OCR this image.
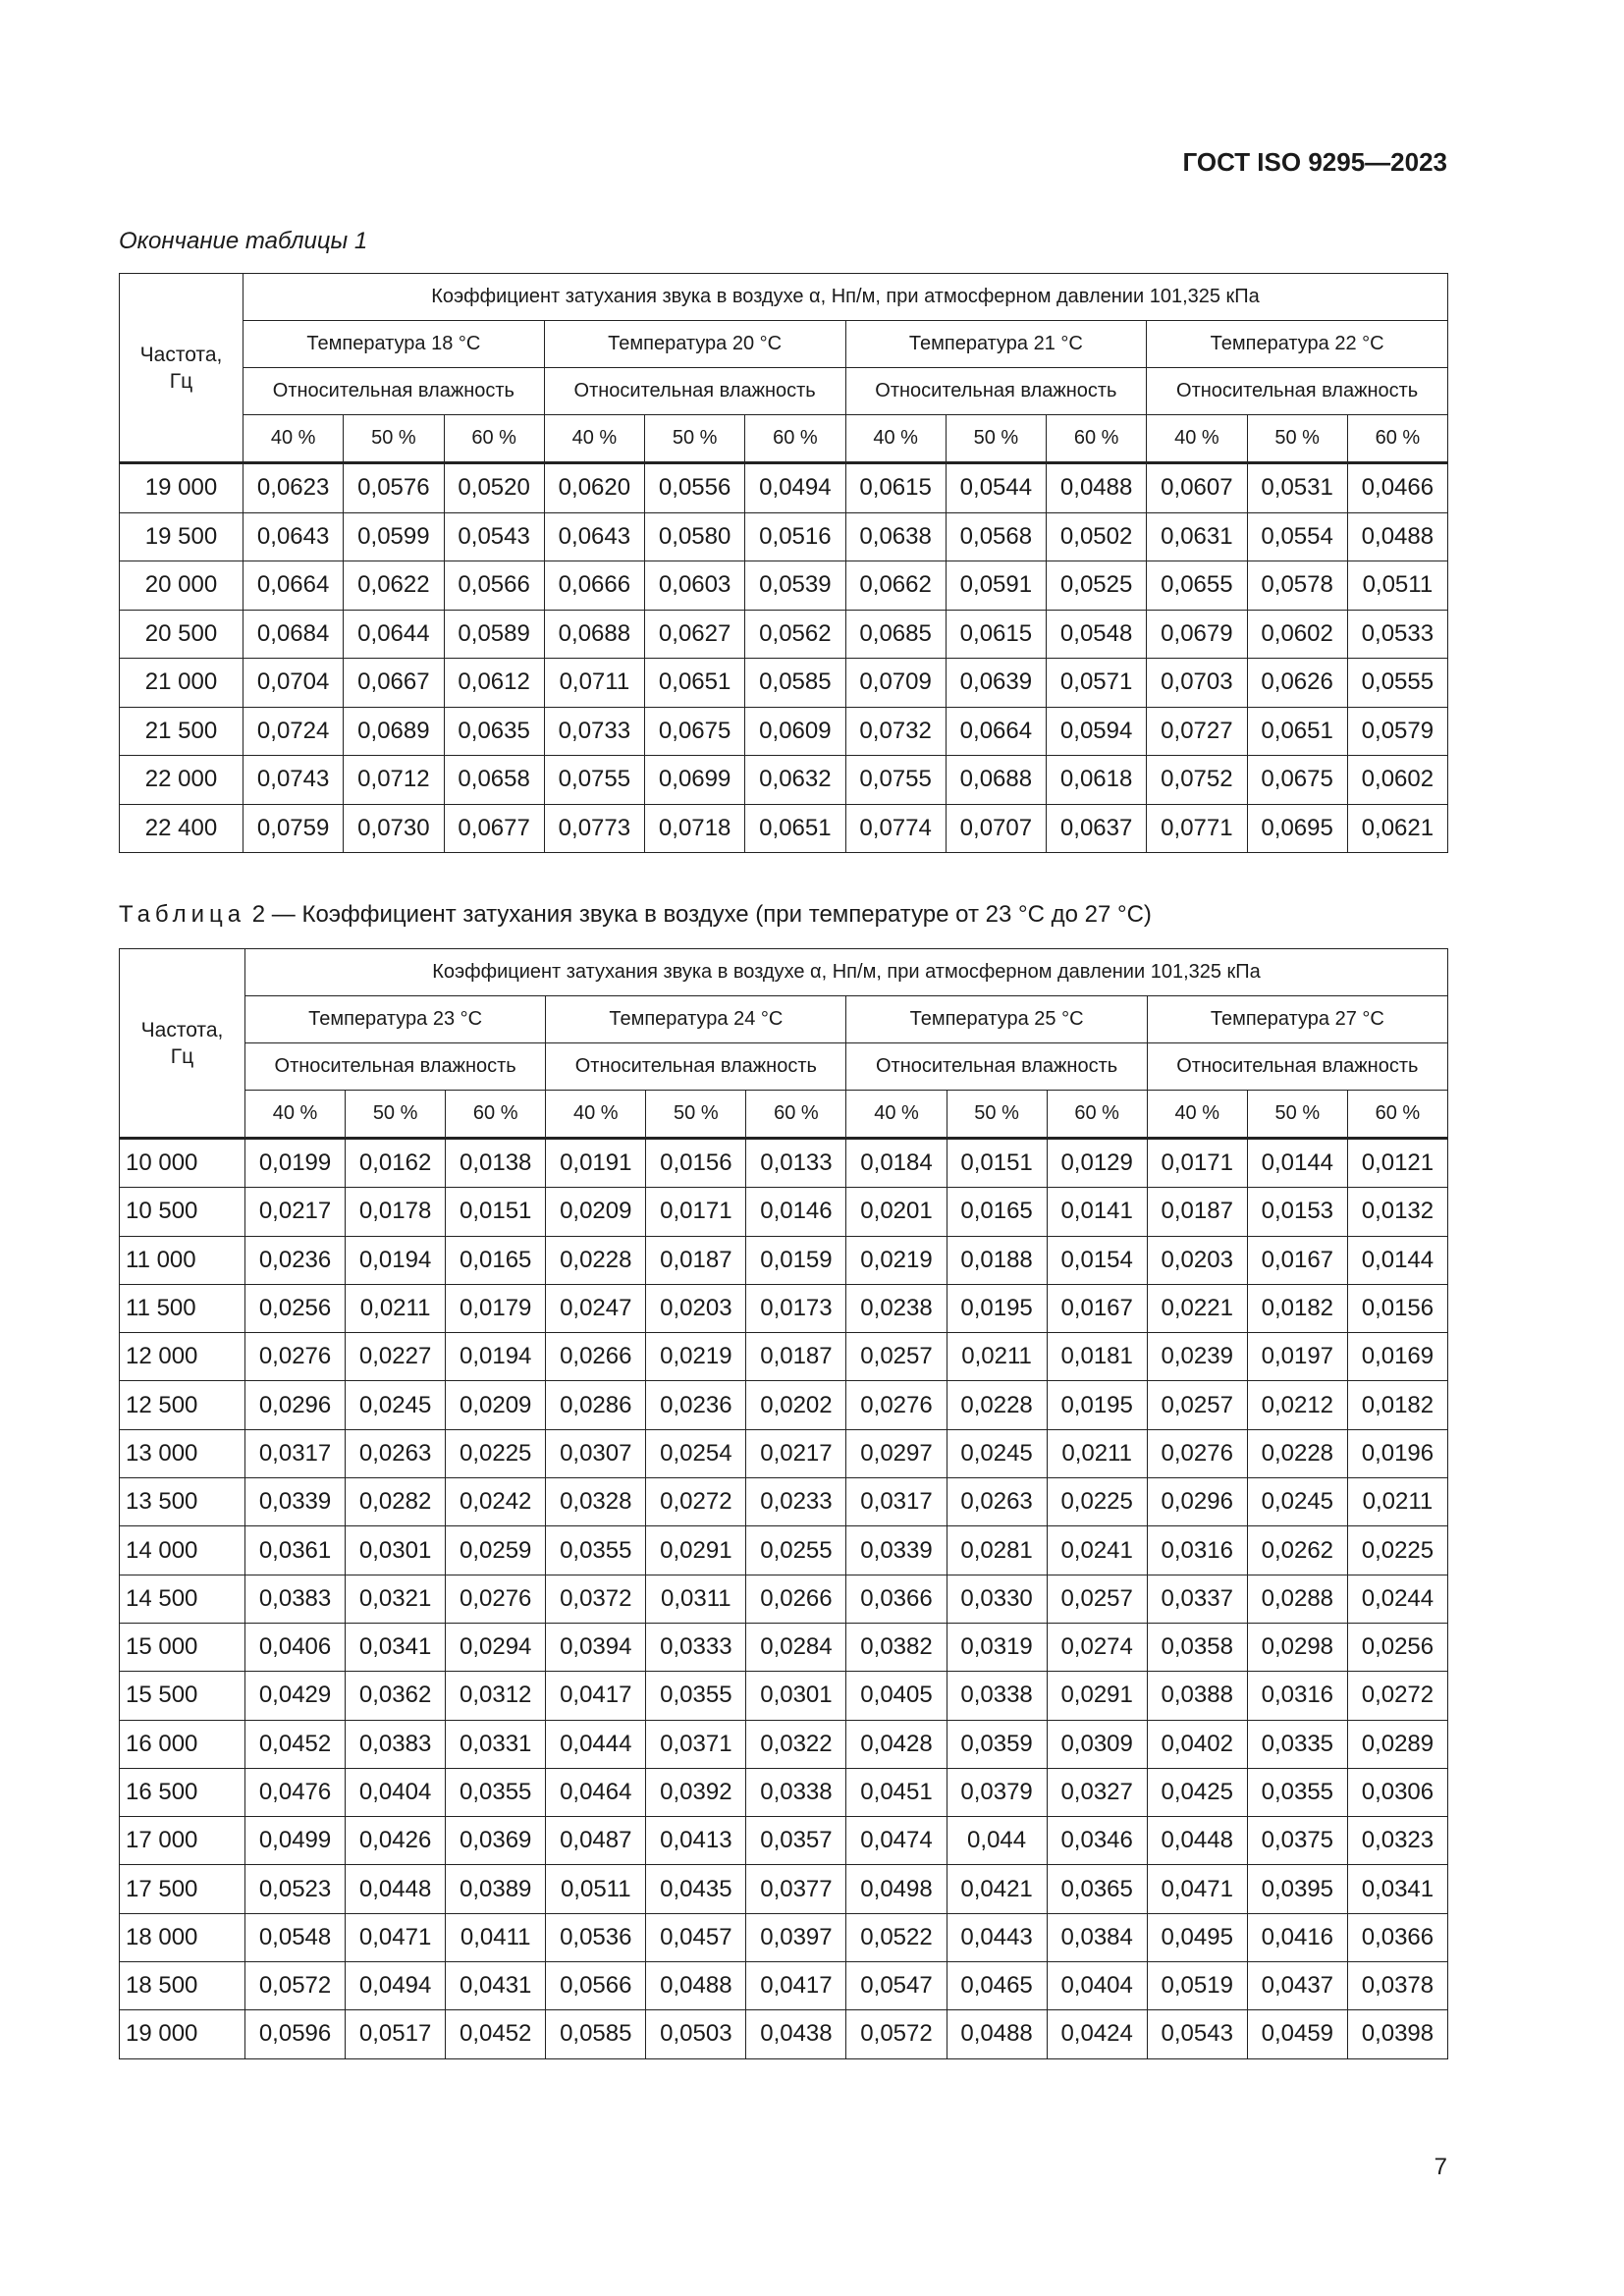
ГОСТ ISO 9295—2023
Окончание таблицы 1
Частота,
Гц	Коэффициент затухания звука в воздухе α, Нп/м, при атмосферном давлении 101,325 кПа											
	Температура 18 °C			Температура 20 °C			Температура 21 °C			Температура 22 °C		
	Относительная влажность			Относительная влажность			Относительная влажность			Относительная влажность		
	40 %	50 %	60 %	40 %	50 %	60 %	40 %	50 %	60 %	40 %	50 %	60 %
19 000	0,0623	0,0576	0,0520	0,0620	0,0556	0,0494	0,0615	0,0544	0,0488	0,0607	0,0531	0,0466
19 500	0,0643	0,0599	0,0543	0,0643	0,0580	0,0516	0,0638	0,0568	0,0502	0,0631	0,0554	0,0488
20 000	0,0664	0,0622	0,0566	0,0666	0,0603	0,0539	0,0662	0,0591	0,0525	0,0655	0,0578	0,0511
20 500	0,0684	0,0644	0,0589	0,0688	0,0627	0,0562	0,0685	0,0615	0,0548	0,0679	0,0602	0,0533
21 000	0,0704	0,0667	0,0612	0,0711	0,0651	0,0585	0,0709	0,0639	0,0571	0,0703	0,0626	0,0555
21 500	0,0724	0,0689	0,0635	0,0733	0,0675	0,0609	0,0732	0,0664	0,0594	0,0727	0,0651	0,0579
22 000	0,0743	0,0712	0,0658	0,0755	0,0699	0,0632	0,0755	0,0688	0,0618	0,0752	0,0675	0,0602
22 400	0,0759	0,0730	0,0677	0,0773	0,0718	0,0651	0,0774	0,0707	0,0637	0,0771	0,0695	0,0621
Таблица 2 — Коэффициент затухания звука в воздухе (при температуре от 23 °C до 27 °C)
Частота,
Гц	Коэффициент затухания звука в воздухе α, Нп/м, при атмосферном давлении 101,325 кПа											
	Температура 23 °C			Температура 24 °C			Температура 25 °C			Температура 27 °C		
	Относительная влажность			Относительная влажность			Относительная влажность			Относительная влажность		
	40 %	50 %	60 %	40 %	50 %	60 %	40 %	50 %	60 %	40 %	50 %	60 %
10 000	0,0199	0,0162	0,0138	0,0191	0,0156	0,0133	0,0184	0,0151	0,0129	0,0171	0,0144	0,0121
10 500	0,0217	0,0178	0,0151	0,0209	0,0171	0,0146	0,0201	0,0165	0,0141	0,0187	0,0153	0,0132
11 000	0,0236	0,0194	0,0165	0,0228	0,0187	0,0159	0,0219	0,0188	0,0154	0,0203	0,0167	0,0144
11 500	0,0256	0,0211	0,0179	0,0247	0,0203	0,0173	0,0238	0,0195	0,0167	0,0221	0,0182	0,0156
12 000	0,0276	0,0227	0,0194	0,0266	0,0219	0,0187	0,0257	0,0211	0,0181	0,0239	0,0197	0,0169
12 500	0,0296	0,0245	0,0209	0,0286	0,0236	0,0202	0,0276	0,0228	0,0195	0,0257	0,0212	0,0182
13 000	0,0317	0,0263	0,0225	0,0307	0,0254	0,0217	0,0297	0,0245	0,0211	0,0276	0,0228	0,0196
13 500	0,0339	0,0282	0,0242	0,0328	0,0272	0,0233	0,0317	0,0263	0,0225	0,0296	0,0245	0,0211
14 000	0,0361	0,0301	0,0259	0,0355	0,0291	0,0255	0,0339	0,0281	0,0241	0,0316	0,0262	0,0225
14 500	0,0383	0,0321	0,0276	0,0372	0,0311	0,0266	0,0366	0,0330	0,0257	0,0337	0,0288	0,0244
15 000	0,0406	0,0341	0,0294	0,0394	0,0333	0,0284	0,0382	0,0319	0,0274	0,0358	0,0298	0,0256
15 500	0,0429	0,0362	0,0312	0,0417	0,0355	0,0301	0,0405	0,0338	0,0291	0,0388	0,0316	0,0272
16 000	0,0452	0,0383	0,0331	0,0444	0,0371	0,0322	0,0428	0,0359	0,0309	0,0402	0,0335	0,0289
16 500	0,0476	0,0404	0,0355	0,0464	0,0392	0,0338	0,0451	0,0379	0,0327	0,0425	0,0355	0,0306
17 000	0,0499	0,0426	0,0369	0,0487	0,0413	0,0357	0,0474	0,044	0,0346	0,0448	0,0375	0,0323
17 500	0,0523	0,0448	0,0389	0,0511	0,0435	0,0377	0,0498	0,0421	0,0365	0,0471	0,0395	0,0341
18 000	0,0548	0,0471	0,0411	0,0536	0,0457	0,0397	0,0522	0,0443	0,0384	0,0495	0,0416	0,0366
18 500	0,0572	0,0494	0,0431	0,0566	0,0488	0,0417	0,0547	0,0465	0,0404	0,0519	0,0437	0,0378
19 000	0,0596	0,0517	0,0452	0,0585	0,0503	0,0438	0,0572	0,0488	0,0424	0,0543	0,0459	0,0398
7
